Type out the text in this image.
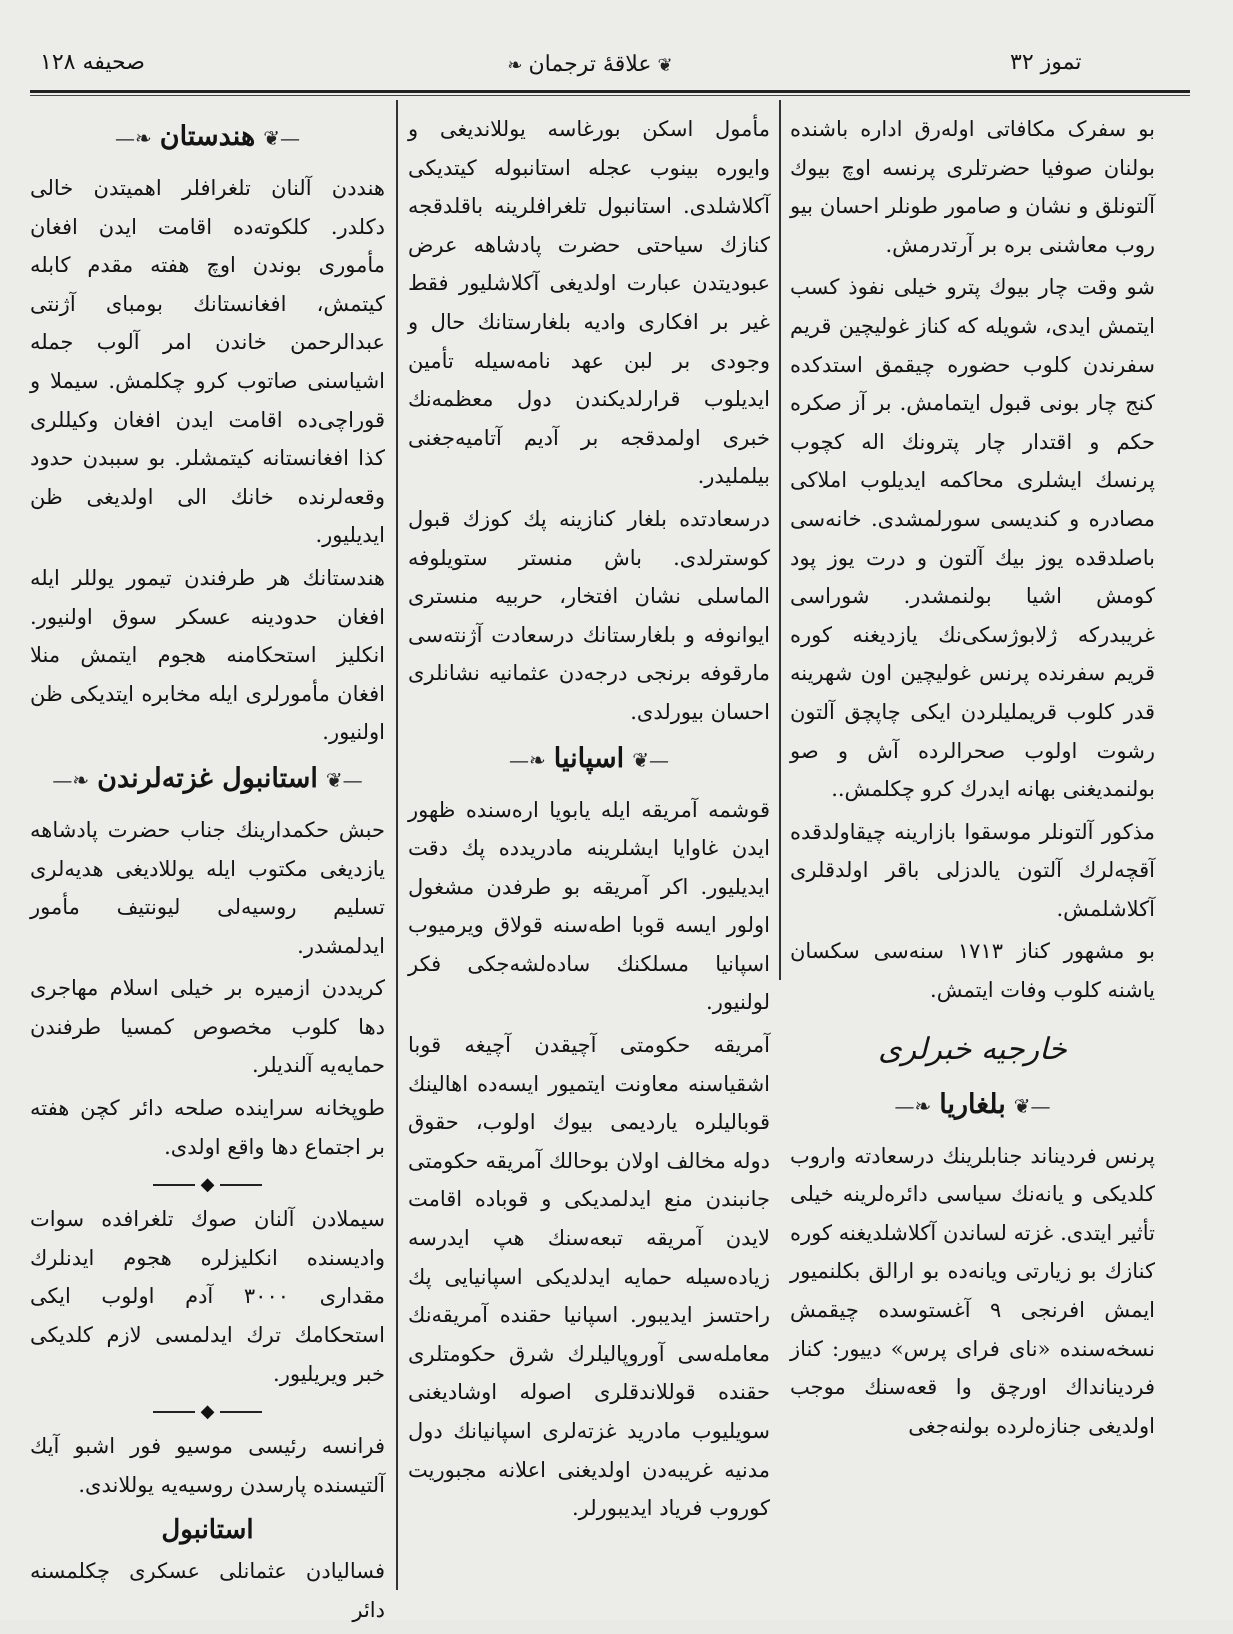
صحیفه ۱۲۸	❦علاقۀ ترجمان❧	تموز ۳۲

بو سفرک مکافاتی اولەرق ادارە باشندە بولنان صوفیا حضرتلری پرنسه اوچ بیوك آلتونلق و نشان و صامور طونلر احسان بیو روب معاشنی برە بر آرتدرمش.

شو وقت چار بیوك پترو خیلی نفوذ کسب ایتمش ایدی، شویله که کناز غولیچین قریم سفرندن کلوب حضورە چیقمق استدکده کنج چار بونی قبول ایتمامش. بر آز صکرە حکم و اقتدار چار پترونك اله کچوب پرنسك ایشلری محاکمه ایدیلوب املاکی مصادرە و کندیسی سورلمشدی. خانه‌سی باصلدقده یوز بیك آلتون و درت یوز پود کومش اشیا بولنمشدر. شوراسی غریبدرکه ژلابوژسکی‌نك یازدیغنه کورە قریم سفرندە پرنس غولیچین اون شهرینه قدر کلوب قریملیلردن ایکی چاپچق آلتون رشوت اولوب صحرالردە آش و صو بولنمدیغنی بهانه ایدرك کرو چکلمش..

مذکور آلتونلر موسقوا بازارینه چیقاولدقده آقچه‌لرك آلتون یالدزلی باقر اولدقلری آکلاشلمش.

بو مشهور کناز ۱۷۱۳ سنه‌سی سکسان یاشنه کلوب وفات ایتمش.

خارجیه خبرلری
—❦بلغاریا❧—

پرنس فردیناند جنابلرینك درسعادته واروب کلدیکی و یانه‌نك سیاسی دائرەلرینه خیلی تأثیر ایتدی. غزته لساندن آکلاشلدیغنه کورە کنازك بو زیارتی ویانه‌دە بو ارالق بکلنمیور ایمش افرنجی ۹ آغستوسدە چیقمش نسخه‌سندە «نای فرای پرس» دییور: کناز فردینانداك اورچق وا قعه‌سنك موجب اولدیغی جنازەلردە بولنه‌جغی

مأمول اسکن بورغاسه یوللاندیغی و وایوره بینوب عجله استانبوله کیتدیکی آکلاشلدی. استانبول تلغرافلرینه باقلدقجه کنازك سیاحتی حضرت پادشاهه عرض عبودیتدن عبارت اولدیغی آکلاشلیور فقط غیر بر افکاری وادیه بلغارستانك حال و وجودی بر لبن عهد نامه‌سیله تأمین ایدیلوب قرارلدیکندن دول معظمه‌نك خبری اولمدقجه بر آدیم آتامیه‌جغنی بیلملیدر.

درسعادتده بلغار کنازینه پك کوزك قبول کوسترلدی. باش منستر ستویلوفه الماسلی نشان افتخار، حربیه منستری ایوانوفه و بلغارستانك درسعادت آژنته‌سی مارقوفه برنجی درجه‌دن عثمانیه نشانلری احسان بیورلدی.

—❦اسپانیا❧—

قوشمه آمریقه ایله یابویا ارەسندە ظهور ایدن غاوایا ایشلرینه مادریدده پك دقت ایدیلیور. اکر آمریقه بو طرفدن مشغول اولور ایسه قوبا اطه‌سنه قولاق ویرمیوب اسپانیا مسلکنك ساده‌لشه‌جکی فکر لولنیور.

آمریقه حکومتی آچیقدن آچیغه قوبا اشقیاسنه معاونت ایتمیور ایسه‌دە اهالینك قوبالیلرە یاردیمی بیوك اولوب، حقوق دوله مخالف اولان بوحالك آمریقه حکومتی جانبندن منع ایدلمدیکی و قوبادە اقامت لایدن آمریقه تبعه‌سنك هپ ایدرسه زیادەسیله حمایه ایدلدیکی اسپانیایی پك راحتسز ایدیبور. اسپانیا حقنده آمریقه‌نك معامله‌سی آوروپالیلرك شرق حکومتلری حقنده قوللاندقلری اصوله اوشادیغنی سویلیوب مادرید غزته‌لری اسپانیانك دول مدنیه غریبه‌دن اولدیغنی اعلانه مجبوریت کوروب فریاد ایدیبورلر.

—❦هندستان❧—

هنددن آلنان تلغرافلر اهمیتدن خالی دکلدر. کلکوته‌دە اقامت ایدن افغان مأموری بوندن اوچ هفته مقدم کابله کیتمش، افغانستانك بومبای آژنتی عبدالرحمن خاندن امر آلوب جمله اشیاسنی صاتوب کرو چکلمش. سیملا و قوراچی‌دە اقامت ایدن افغان وکیللری کذا افغانستانه کیتمشلر. بو سببدن حدود وقعه‌لرنده خانك الی اولدیغی ظن ایدیلیور.

هندستانك هر طرفندن تیمور یوللر ایله افغان حدودینه عسکر سوق اولنیور. انکلیز استحکامنه هجوم ایتمش منلا افغان مأمورلری ایله مخابرە ایتدیکی ظن اولنیور.

—❦استانبول غزته‌لرندن❧—

حبش حکمدارینك جناب حضرت پادشاهه یازدیغی مکتوب ایله یوللادیغی هدیه‌لری تسلیم روسیه‌لی لیونتیف مأمور ایدلمشدر.

کریددن ازمیره بر خیلی اسلام مهاجری دها کلوب مخصوص کمسیا طرفندن حمایه‌یه آلندیلر.

طوپخانه سرایندە صلحه دائر کچن هفته بر اجتماع دها واقع اولدی.

◆

سیملادن آلنان صوك تلغرافده سوات وادیسنده انکلیزلره هجوم ایدنلرك مقداری ۳۰۰۰ آدم اولوب ایکی استحکامك ترك ایدلمسی لازم کلدیکی خبر ویریلیور.

◆

فرانسه رئیسی موسیو فور اشبو آیك آلتیسنده پارسدن روسیه‌یه یوللاندی.

استانبول

فسالیادن عثمانلی عسکری چکلمسنه دائر
